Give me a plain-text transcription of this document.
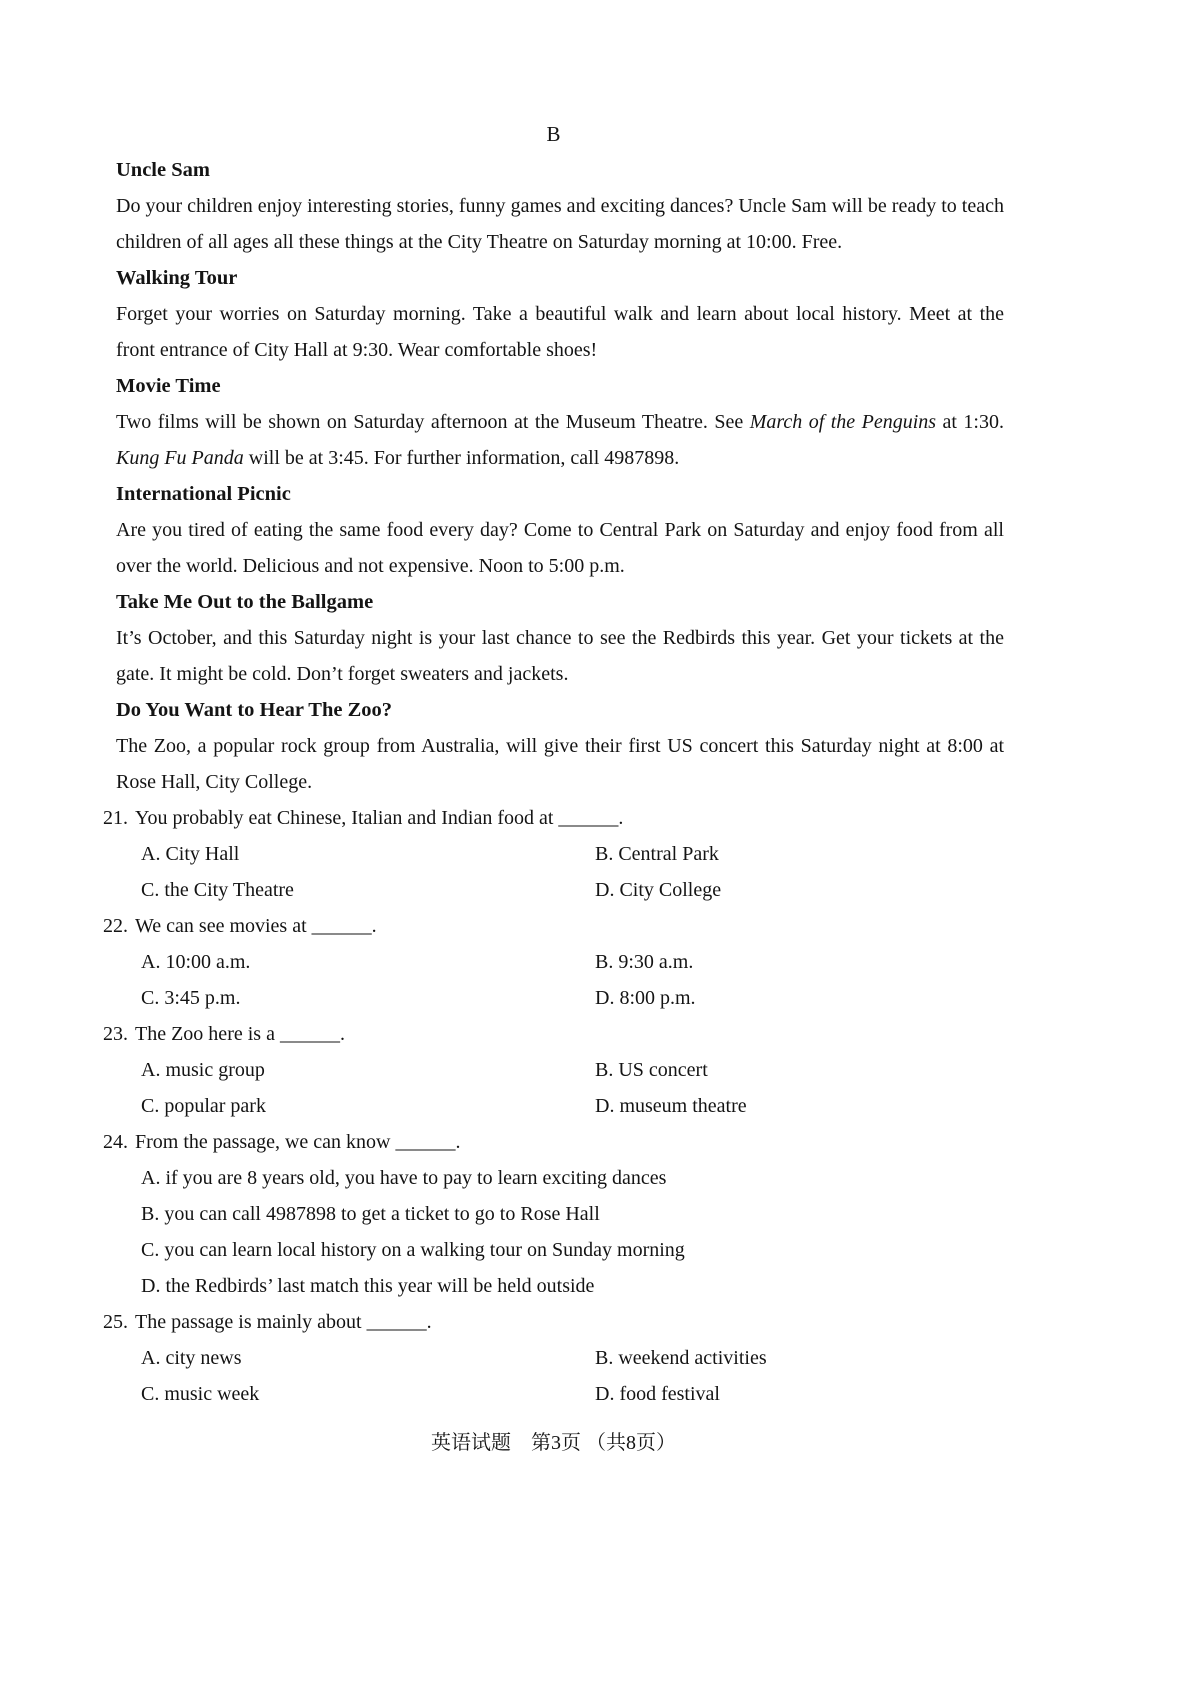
B
Uncle Sam

Do your children enjoy interesting stories, funny games and exciting dances? Uncle Sam will be ready to teach children of all ages all these things at the City Theatre on Saturday morning at 10:00. Free.

Walking Tour

Forget your worries on Saturday morning. Take a beautiful walk and learn about local history. Meet at the front entrance of City Hall at 9:30. Wear comfortable shoes!

Movie Time

Two films will be shown on Saturday afternoon at the Museum Theatre. See March of the Penguins at 1:30. Kung Fu Panda will be at 3:45. For further information, call 4987898.

International Picnic

Are you tired of eating the same food every day? Come to Central Park on Saturday and enjoy food from all over the world. Delicious and not expensive. Noon to 5:00 p.m.

Take Me Out to the Ballgame

It’s October, and this Saturday night is your last chance to see the Redbirds this year. Get your tickets at the gate. It might be cold. Don’t forget sweaters and jackets.

Do You Want to Hear The Zoo?

The Zoo, a popular rock group from Australia, will give their first US concert this Saturday night at 8:00 at Rose Hall, City College.

21. You probably eat Chinese, Italian and Indian food at ______.
A. City Hall	B. Central Park
C. the City Theatre	D. City College
22. We can see movies at ______.
A. 10:00 a.m.	B. 9:30 a.m.
C. 3:45 p.m.	D. 8:00 p.m.
23. The Zoo here is a ______.
A. music group	B. US concert
C. popular park	D. museum theatre
24. From the passage, we can know ______.
A. if you are 8 years old, you have to pay to learn exciting dances
B. you can call 4987898 to get a ticket to go to Rose Hall
C. you can learn local history on a walking tour on Sunday morning
D. the Redbirds’ last match this year will be held outside
25. The passage is mainly about ______.
A. city news	B. weekend activities
C. music week	D. food festival
英语试题　第3页 （共8页）
